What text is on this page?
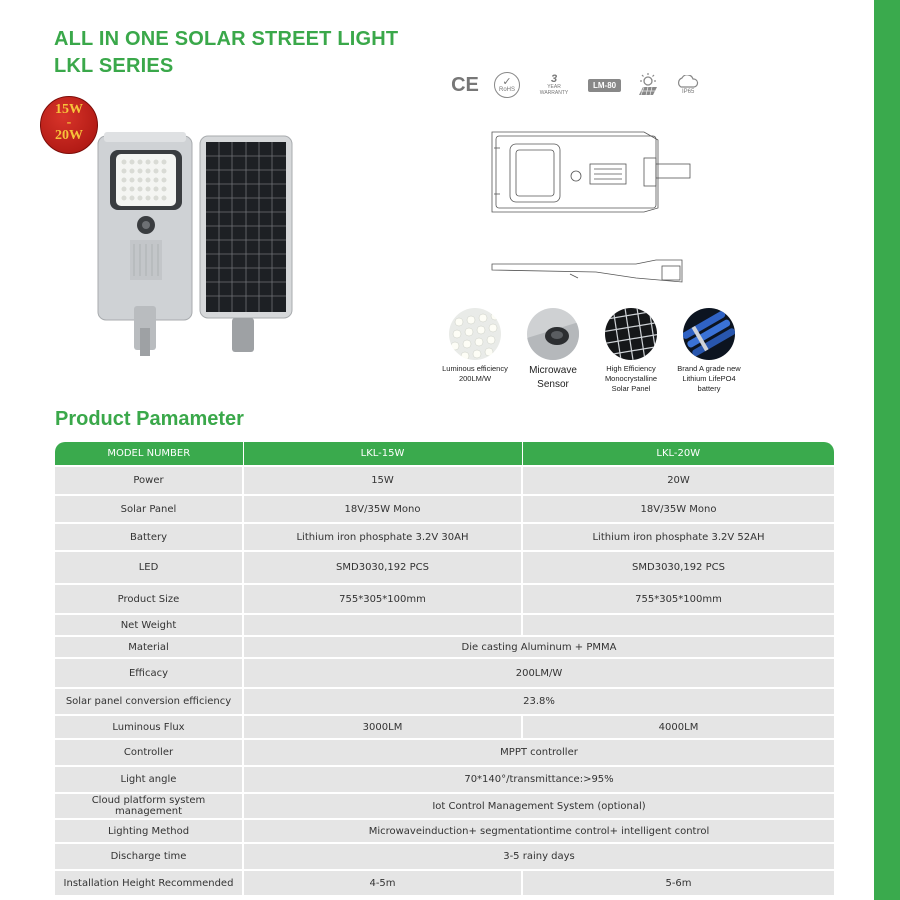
ALL IN ONE SOLAR STREET LIGHT
LKL SERIES
15W
-
20W
CE ✓
RoHS
3
YEAR
WARRANTY
LM-80
IP65
Luminous efficiency 200LM/W
Microwave Sensor
High Efficiency Monocrystalline Solar Panel
Brand A grade new Lithium LifePO4 battery
Product Pamameter
MODEL NUMBER	LKL-15W	LKL-20W
Power	15W	20W
Solar Panel	18V/35W Mono	18V/35W Mono
Battery	Lithium iron phosphate 3.2V 30AH	Lithium iron phosphate 3.2V 52AH
LED	SMD3030,192 PCS	SMD3030,192 PCS
Product Size	755*305*100mm	755*305*100mm
Net Weight		
Material	Die casting Aluminum + PMMA	
Efficacy	200LM/W	
Solar panel conversion efficiency	23.8%	
Luminous Flux	3000LM	4000LM
Controller	MPPT controller	
Light angle	70*140°/transmittance:>95%	
Cloud platform system management	Iot Control Management System (optional)	
Lighting Method	Microwaveinduction+ segmentationtime control+ intelligent control	
Discharge time	3-5 rainy days	
Installation Height Recommended	4-5m	5-6m
